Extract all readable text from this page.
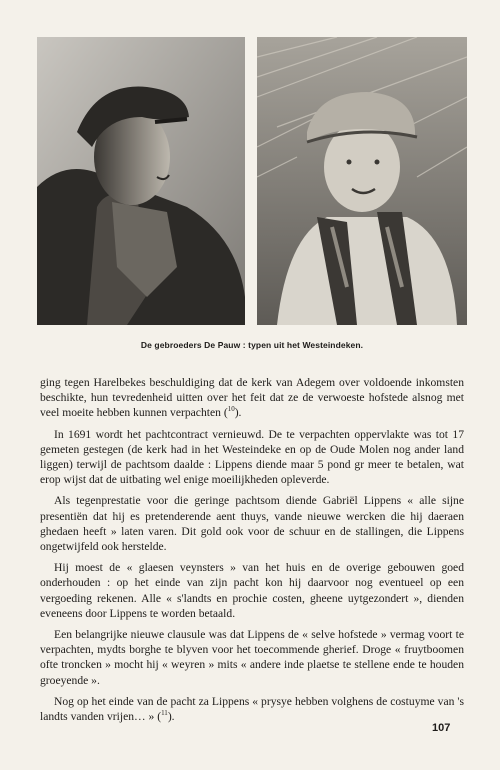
De gebroeders De Pauw : typen uit het Westeindeken.

ging tegen Harelbekes beschuldiging dat de kerk van Adegem over voldoende inkomsten beschikte, hun tevredenheid uitten over het feit dat ze de verwoeste hofstede alsnog met veel moeite hebben kunnen verpachten ($^{10}$).

In 1691 wordt het pachtcontract vernieuwd. De te verpachten oppervlakte was tot 17 gemeten gestegen (de kerk had in het Westeindeke en op de Oude Molen nog ander land liggen) terwijl de pachtsom daalde : Lippens diende maar 5 pond gr meer te betalen, wat erop wijst dat de uitbating wel enige moeilijkheden opleverde.

Als tegenprestatie voor die geringe pachtsom diende Gabriël Lippens « alle sijne presentiën dat hij es pretenderende aent thuys, vande nieuwe wercken die hij daeraen ghedaen heeft » laten varen. Dit gold ook voor de schuur en de stallingen, die Lippens ongetwijfeld ook herstelde.

Hij moest de « glaesen veynsters » van het huis en de overige gebouwen goed onderhouden : op het einde van zijn pacht kon hij daarvoor nog eventueel op een vergoeding rekenen. Alle « s'landts en prochie costen, gheene uytgezondert », dienden eveneens door Lippens te worden betaald.

Een belangrijke nieuwe clausule was dat Lippens de « selve hofstede » vermag voort te verpachten, mydts borghe te blyven voor het toecommende gherief. Droge « fruytboomen ofte troncken » mocht hij « weyren » mits « andere inde plaetse te stellene ende te houden groeyende ».

Nog op het einde van de pacht za Lippens « prysye hebben volghens de costuyme van 's landts vanden vrijen… » ($^{11}$).

107
